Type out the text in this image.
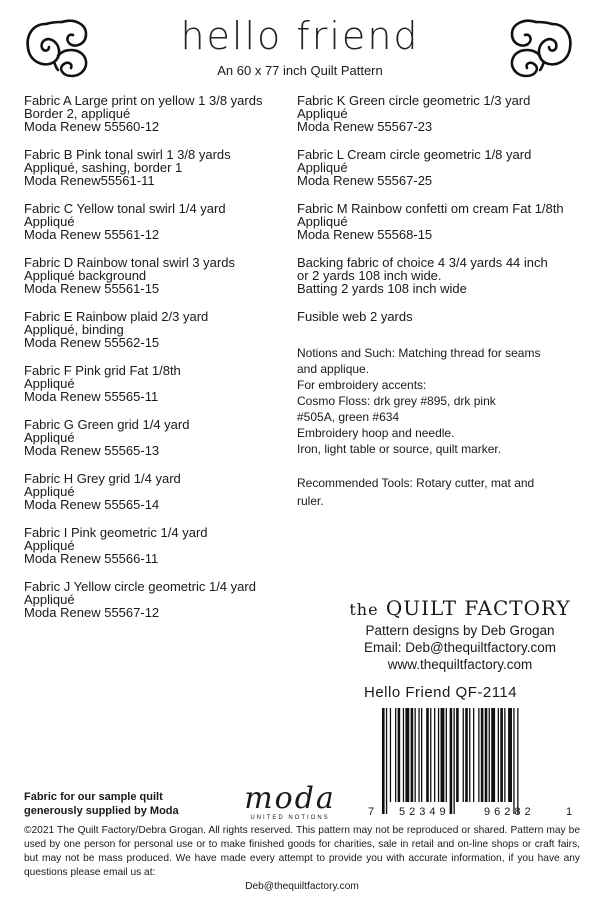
hello friend
An 60 x 77 inch Quilt Pattern
Fabric A Large print on yellow 1 3/8 yards
Border 2, appliqué
Moda Renew 55560-12
Fabric B Pink tonal swirl 1 3/8 yards
Appliqué, sashing, border 1
Moda Renew55561-11
Fabric C Yellow tonal swirl 1/4 yard
Appliqué
Moda Renew 55561-12
Fabric D Rainbow tonal swirl 3 yards
Appliqué background
Moda Renew 55561-15
Fabric E Rainbow plaid 2/3 yard
Appliqué, binding
Moda Renew 55562-15
Fabric F Pink grid Fat 1/8th
Appliqué
Moda Renew 55565-11
Fabric G Green grid 1/4 yard
Appliqué
Moda Renew 55565-13
Fabric H Grey grid 1/4 yard
Appliqué
Moda Renew 55565-14
Fabric I Pink geometric 1/4 yard
Appliqué
Moda Renew 55566-11
Fabric J Yellow circle geometric 1/4 yard
Appliqué
Moda Renew 55567-12
Fabric K Green circle geometric 1/3 yard
Appliqué
Moda Renew 55567-23
Fabric L Cream circle geometric 1/8 yard
Appliqué
Moda Renew 55567-25
Fabric M Rainbow confetti om cream Fat 1/8th
Appliqué
Moda Renew 55568-15
Backing fabric of choice 4 3/4 yards 44 inch
or 2 yards 108 inch wide.
Batting 2 yards 108 inch wide
Fusible web 2 yards
Notions and Such: Matching thread for seams
and applique.
For embroidery accents:
Cosmo Floss: drk grey #895, drk pink
#505A, green #634
Embroidery hoop and needle.
Iron, light table or source, quilt marker.
Recommended Tools: Rotary cutter, mat and
ruler.
the QUILT FACTORY
Pattern designs by Deb Grogan
Email: Deb@thequiltfactory.com
www.thequiltfactory.com
Hello Friend QF-2114
7 52349	96282	1
Fabric for our sample quilt
generously supplied by Moda	moda
UNITED NOTIONS
©2021 The Quilt Factory/Debra Grogan. All rights reserved. This pattern may not be reproduced or shared. Pattern may be used by one person for personal use or to make finished goods for charities, sale in retail and on-line shops or craft fairs, but may not be mass produced. We have made every attempt to provide you with accurate information, if you have any questions please email us at:
Deb@thequiltfactory.com
